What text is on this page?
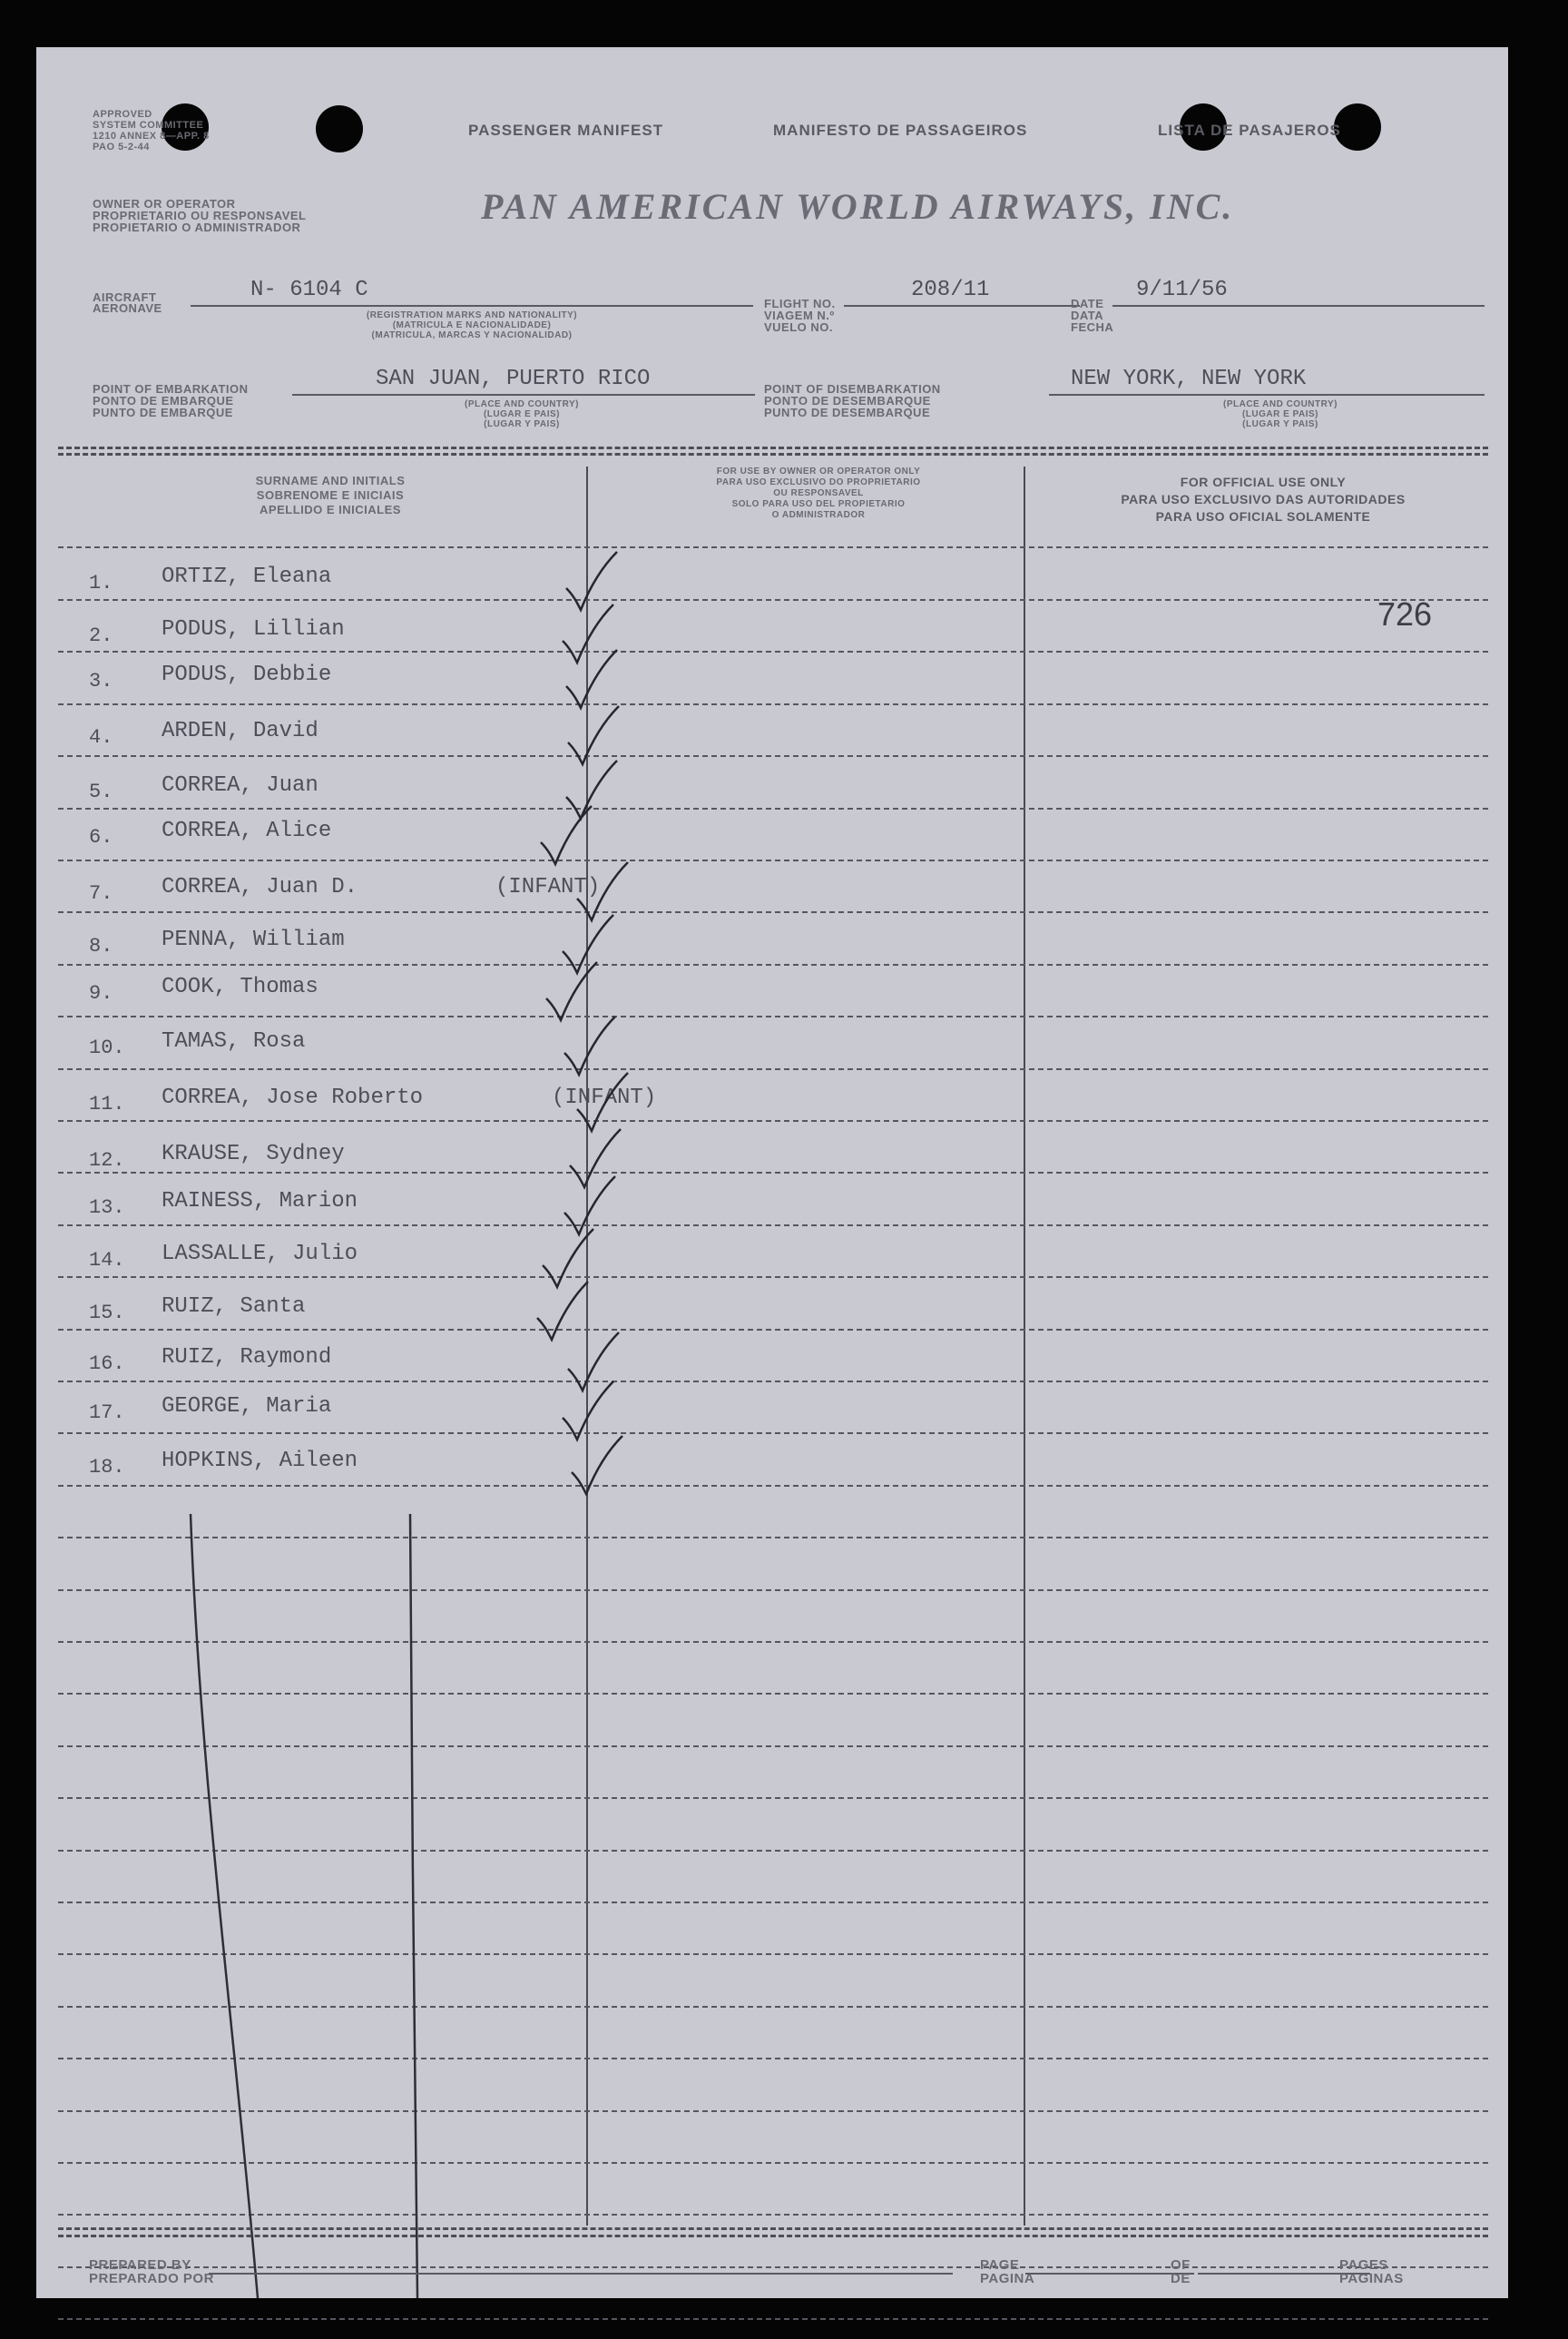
APPROVED
SYSTEM COMMITTEE
1210 ANNEX 8—APP. 8
PAO 5-2-44
PASSENGER MANIFEST	MANIFESTO DE PASSAGEIROS	LISTA DE PASAJEROS
OWNER OR OPERATOR
PROPRIETARIO OU RESPONSAVEL
PROPIETARIO O ADMINISTRADOR
PAN AMERICAN WORLD AIRWAYS, INC.
AIRCRAFT
AERONAVE
N- 6104 C
(REGISTRATION MARKS AND NATIONALITY)
(MATRICULA E NACIONALIDADE)
(MATRICULA, MARCAS Y NACIONALIDAD)
FLIGHT NO.
VIAGEM N.º
VUELO NO.
208/11
DATE
DATA
FECHA
9/11/56
POINT OF EMBARKATION
PONTO DE EMBARQUE
PUNTO DE EMBARQUE
SAN JUAN, PUERTO RICO
(PLACE AND COUNTRY)
(LUGAR E PAIS)
(LUGAR Y PAIS)
POINT OF DISEMBARKATION
PONTO DE DESEMBARQUE
PUNTO DE DESEMBARQUE
NEW YORK, NEW YORK
(PLACE AND COUNTRY)
(LUGAR E PAIS)
(LUGAR Y PAIS)
SURNAME AND INITIALS
SOBRENOME E INICIAIS
APELLIDO E INICIALES
FOR USE BY OWNER OR OPERATOR ONLY
PARA USO EXCLUSIVO DO PROPRIETARIO
OU RESPONSAVEL
SOLO PARA USO DEL PROPIETARIO
O ADMINISTRADOR
FOR OFFICIAL USE ONLY
PARA USO EXCLUSIVO DAS AUTORIDADES
PARA USO OFICIAL SOLAMENTE
1. ORTIZ, Eleana
2. PODUS, Lillian
3. PODUS, Debbie
4. ARDEN, David
5. CORREA, Juan
6. CORREA, Alice
7. CORREA, Juan D.	(INFANT)
8. PENNA, William
9. COOK, Thomas
10. TAMAS, Rosa
11. CORREA, Jose Roberto	(INFANT)
12. KRAUSE, Sydney
13. RAINESS, Marion
14. LASSALLE, Julio
15. RUIZ, Santa
16. RUIZ, Raymond
17. GEORGE, Maria
18. HOPKINS, Aileen
726
PREPARED BY
PREPARADO POR
PAGE
PAGINA
OF
DE
PAGES
PAGINAS
